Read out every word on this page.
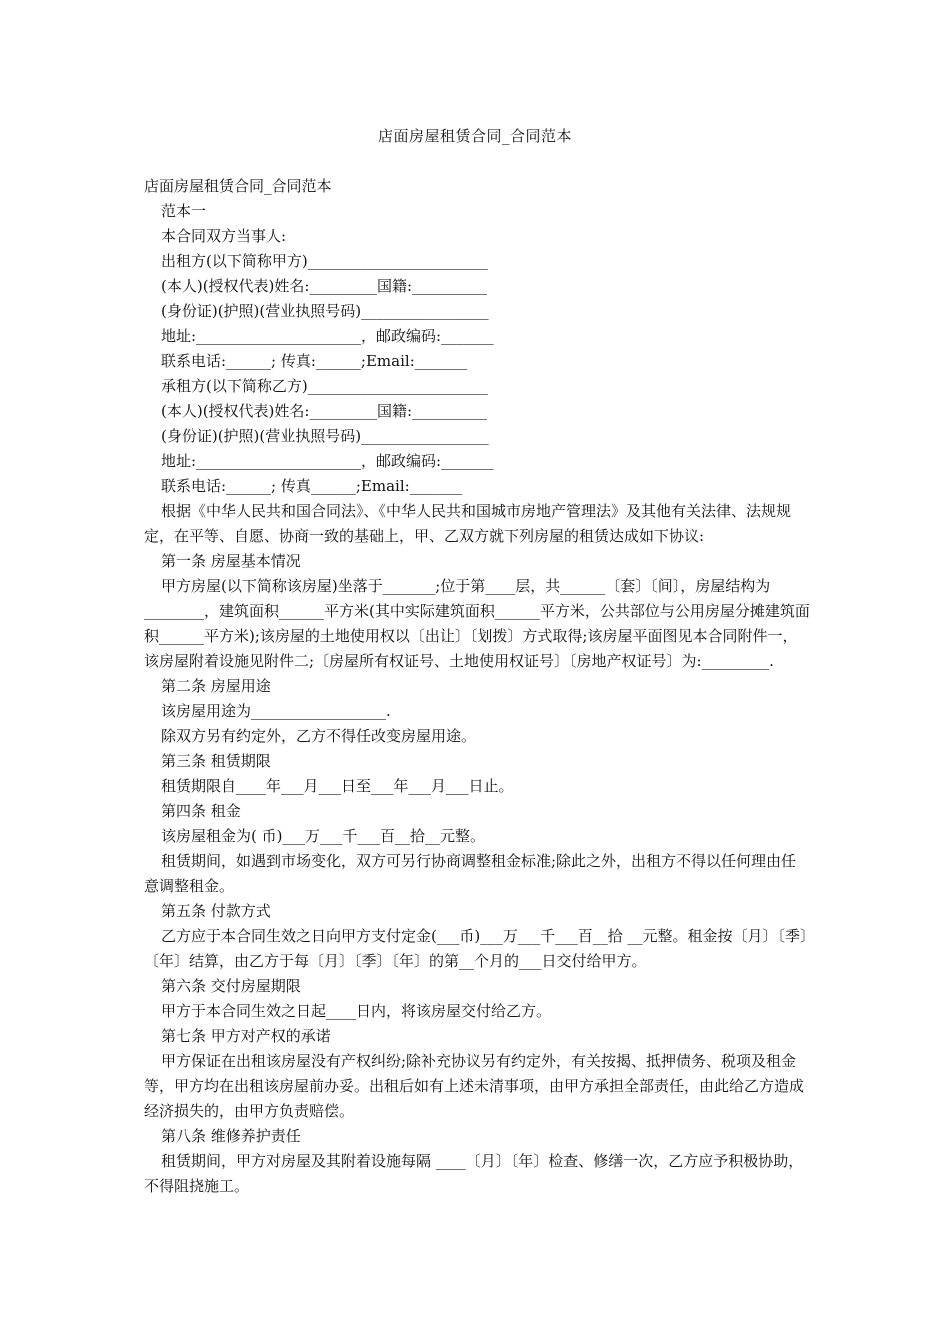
店面房屋租赁合同_合同范本

店面房屋租赁合同_合同范本

范本一

本合同双方当事人:

出租方(以下简称甲方)________________________

(本人)(授权代表)姓名:_________国籍:__________

(身份证)(护照)(营业执照号码)_________________

地址:______________________，邮政编码:_______

联系电话:______; 传真:______;Email:_______

承租方(以下简称乙方)________________________

(本人)(授权代表)姓名:_________国籍:__________

(身份证)(护照)(营业执照号码)_________________

地址:______________________，邮政编码:_______

联系电话:______; 传真______;Email:_______

根据《中华人民共和国合同法》、《中华人民共和国城市房地产管理法》及其他有关法律、法规规定，在平等、自愿、协商一致的基础上，甲、乙双方就下列房屋的租赁达成如下协议:

第一条 房屋基本情况

甲方房屋(以下简称该房屋)坐落于_______;位于第____层，共______〔套〕〔间〕，房屋结构为________，建筑面积______平方米(其中实际建筑面积______平方米，公共部位与公用房屋分摊建筑面 积______平方米);该房屋的土地使用权以〔出让〕〔划拨〕方式取得;该房屋平面图见本合同附件一，该房屋附着设施见附件二;〔房屋所有权证号、土地使用权证号〕〔房地产权证号〕为:_________.

第二条 房屋用途

该房屋用途为__________________.

除双方另有约定外，乙方不得任改变房屋用途。

第三条 租赁期限

租赁期限自____年___月___日至___年___月___日止。

第四条 租金

该房屋租金为( 币)___万___千___百__拾__元整。

租赁期间，如遇到市场变化，双方可另行协商调整租金标准;除此之外，出租方不得以任何理由任意调整租金。

第五条 付款方式

乙方应于本合同生效之日向甲方支付定金(___币)___万___千___百__拾 __元整。租金按〔月〕〔季〕〔年〕结算，由乙方于每〔月〕〔季〕〔年〕的第__个月的___日交付给甲方。

第六条 交付房屋期限

甲方于本合同生效之日起____日内，将该房屋交付给乙方。

第七条 甲方对产权的承诺

甲方保证在出租该房屋没有产权纠纷;除补充协议另有约定外，有关按揭、抵押债务、税项及租金等，甲方均在出租该房屋前办妥。出租后如有上述未清事项，由甲方承担全部责任，由此给乙方造成经济损失的，由甲方负责赔偿。

第八条 维修养护责任

租赁期间，甲方对房屋及其附着设施每隔 ____〔月〕〔年〕检查、修缮一次，乙方应予积极协助，不得阻挠施工。
